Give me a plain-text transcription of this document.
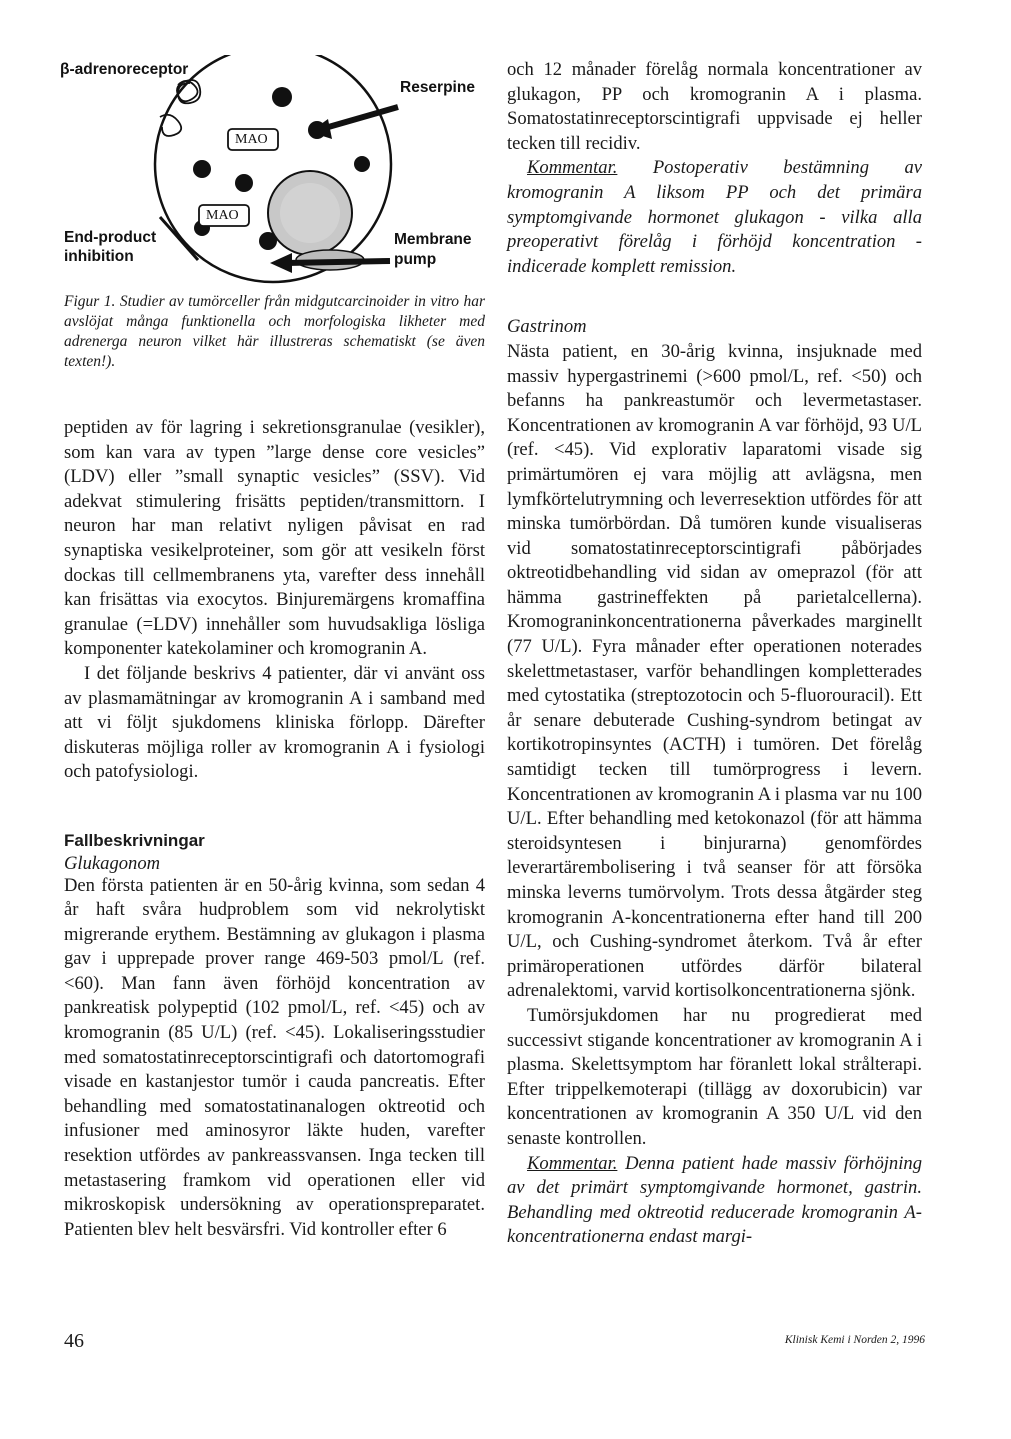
β-adrenoreceptor
Reserpine
MAO
MAO
End-product
inhibition
Membrane
pump
Figur 1. Studier av tumörceller från midgutcarcinoider in vitro har avslöjat många funktionella och morfologiska likheter med adrenerga neuron vilket här illustreras schematiskt (se även texten!).

peptiden av för lagring i sekretionsgranulae (vesikler), som kan vara av typen ”large dense core vesicles” (LDV) eller ”small synaptic vesicles” (SSV). Vid adekvat stimulering frisätts peptiden/transmittorn. I neuron har man relativt nyligen påvisat en rad synaptiska vesikelproteiner, som gör att vesikeln först dockas till cellmembranens yta, varefter dess innehåll kan frisättas via exocytos. Binjuremärgens kromaffina granulae (=LDV) innehåller som huvudsakliga lösliga komponenter katekolaminer och kromogranin A.

I det följande beskrivs 4 patienter, där vi använt oss av plasmamätningar av kromogranin A i samband med att vi följt sjukdomens kliniska förlopp. Därefter diskuteras möjliga roller av kromogranin A i fysiologi och patofysiologi.

Fallbeskrivningar

Glukagonom

Den första patienten är en 50-årig kvinna, som sedan 4 år haft svåra hudproblem som vid nekrolytiskt migrerande erythem. Bestämning av glukagon i plasma gav i upprepade prover range 469-503 pmol/L (ref. <60). Man fann även förhöjd koncentration av pankreatisk polypeptid (102 pmol/L, ref. <45) och av kromogranin (85 U/L) (ref. <45). Lokaliseringsstudier med somatostatinreceptorscintigrafi och datortomografi visade en kastanjestor tumör i cauda pancreatis. Efter behandling med somatostatinanalogen oktreotid och infusioner med aminosyror läkte huden, varefter resektion utfördes av pankreassvansen. Inga tecken till metastasering framkom vid operationen eller vid mikroskopisk undersökning av operationspreparatet. Patienten blev helt besvärsfri. Vid kontroller efter 6

och 12 månader förelåg normala koncentrationer av glukagon, PP och kromogranin A i plasma. Somatostatinreceptorscintigrafi uppvisade ej heller tecken till recidiv.

Kommentar. Postoperativ bestämning av kromogranin A liksom PP och det primära symptomgivande hormonet glukagon - vilka alla preoperativt förelåg i förhöjd koncentration - indicerade komplett remission.

Gastrinom

Nästa patient, en 30-årig kvinna, insjuknade med massiv hypergastrinemi (>600 pmol/L, ref. <50) och befanns ha pankreastumör och levermetastaser. Koncentrationen av kromogranin A var förhöjd, 93 U/L (ref. <45). Vid explorativ laparatomi visade sig primärtumören ej vara möjlig att avlägsna, men lymfkörtelutrymning och leverresektion utfördes för att minska tumörbördan. Då tumören kunde visualiseras vid somatostatinreceptorscintigrafi påbörjades oktreotidbehandling vid sidan av omeprazol (för att hämma gastrineffekten på parietalcellerna). Kromograninkoncentrationerna påverkades marginellt (77 U/L). Fyra månader efter operationen noterades skelettmetastaser, varför behandlingen kompletterades med cytostatika (streptozotocin och 5-fluorouracil). Ett år senare debuterade Cushing-syndrom betingat av kortikotropinsyntes (ACTH) i tumören. Det förelåg samtidigt tecken till tumörprogress i levern. Koncentrationen av kromogranin A i plasma var nu 100 U/L. Efter behandling med ketokonazol (för att hämma steroidsyntesen i binjurarna) genomfördes leverartärembolisering i två seanser för att försöka minska leverns tumörvolym. Trots dessa åtgärder steg kromogranin A-koncentrationerna efter hand till 200 U/L, och Cushing-syndromet återkom. Två år efter primäroperationen utfördes därför bilateral adrenalektomi, varvid kortisolkoncentrationerna sjönk.

Tumörsjukdomen har nu progredierat med successivt stigande koncentrationer av kromogranin A i plasma. Skelettsymptom har föranlett lokal strålterapi. Efter trippelkemoterapi (tillägg av doxorubicin) var koncentrationen av kromogranin A 350 U/L vid den senaste kontrollen.

Kommentar. Denna patient hade massiv förhöjning av det primärt symptomgivande hormonet, gastrin. Behandling med oktreotid reducerade kromogranin A-koncentrationerna endast margi-

46	Klinisk Kemi i Norden 2, 1996
